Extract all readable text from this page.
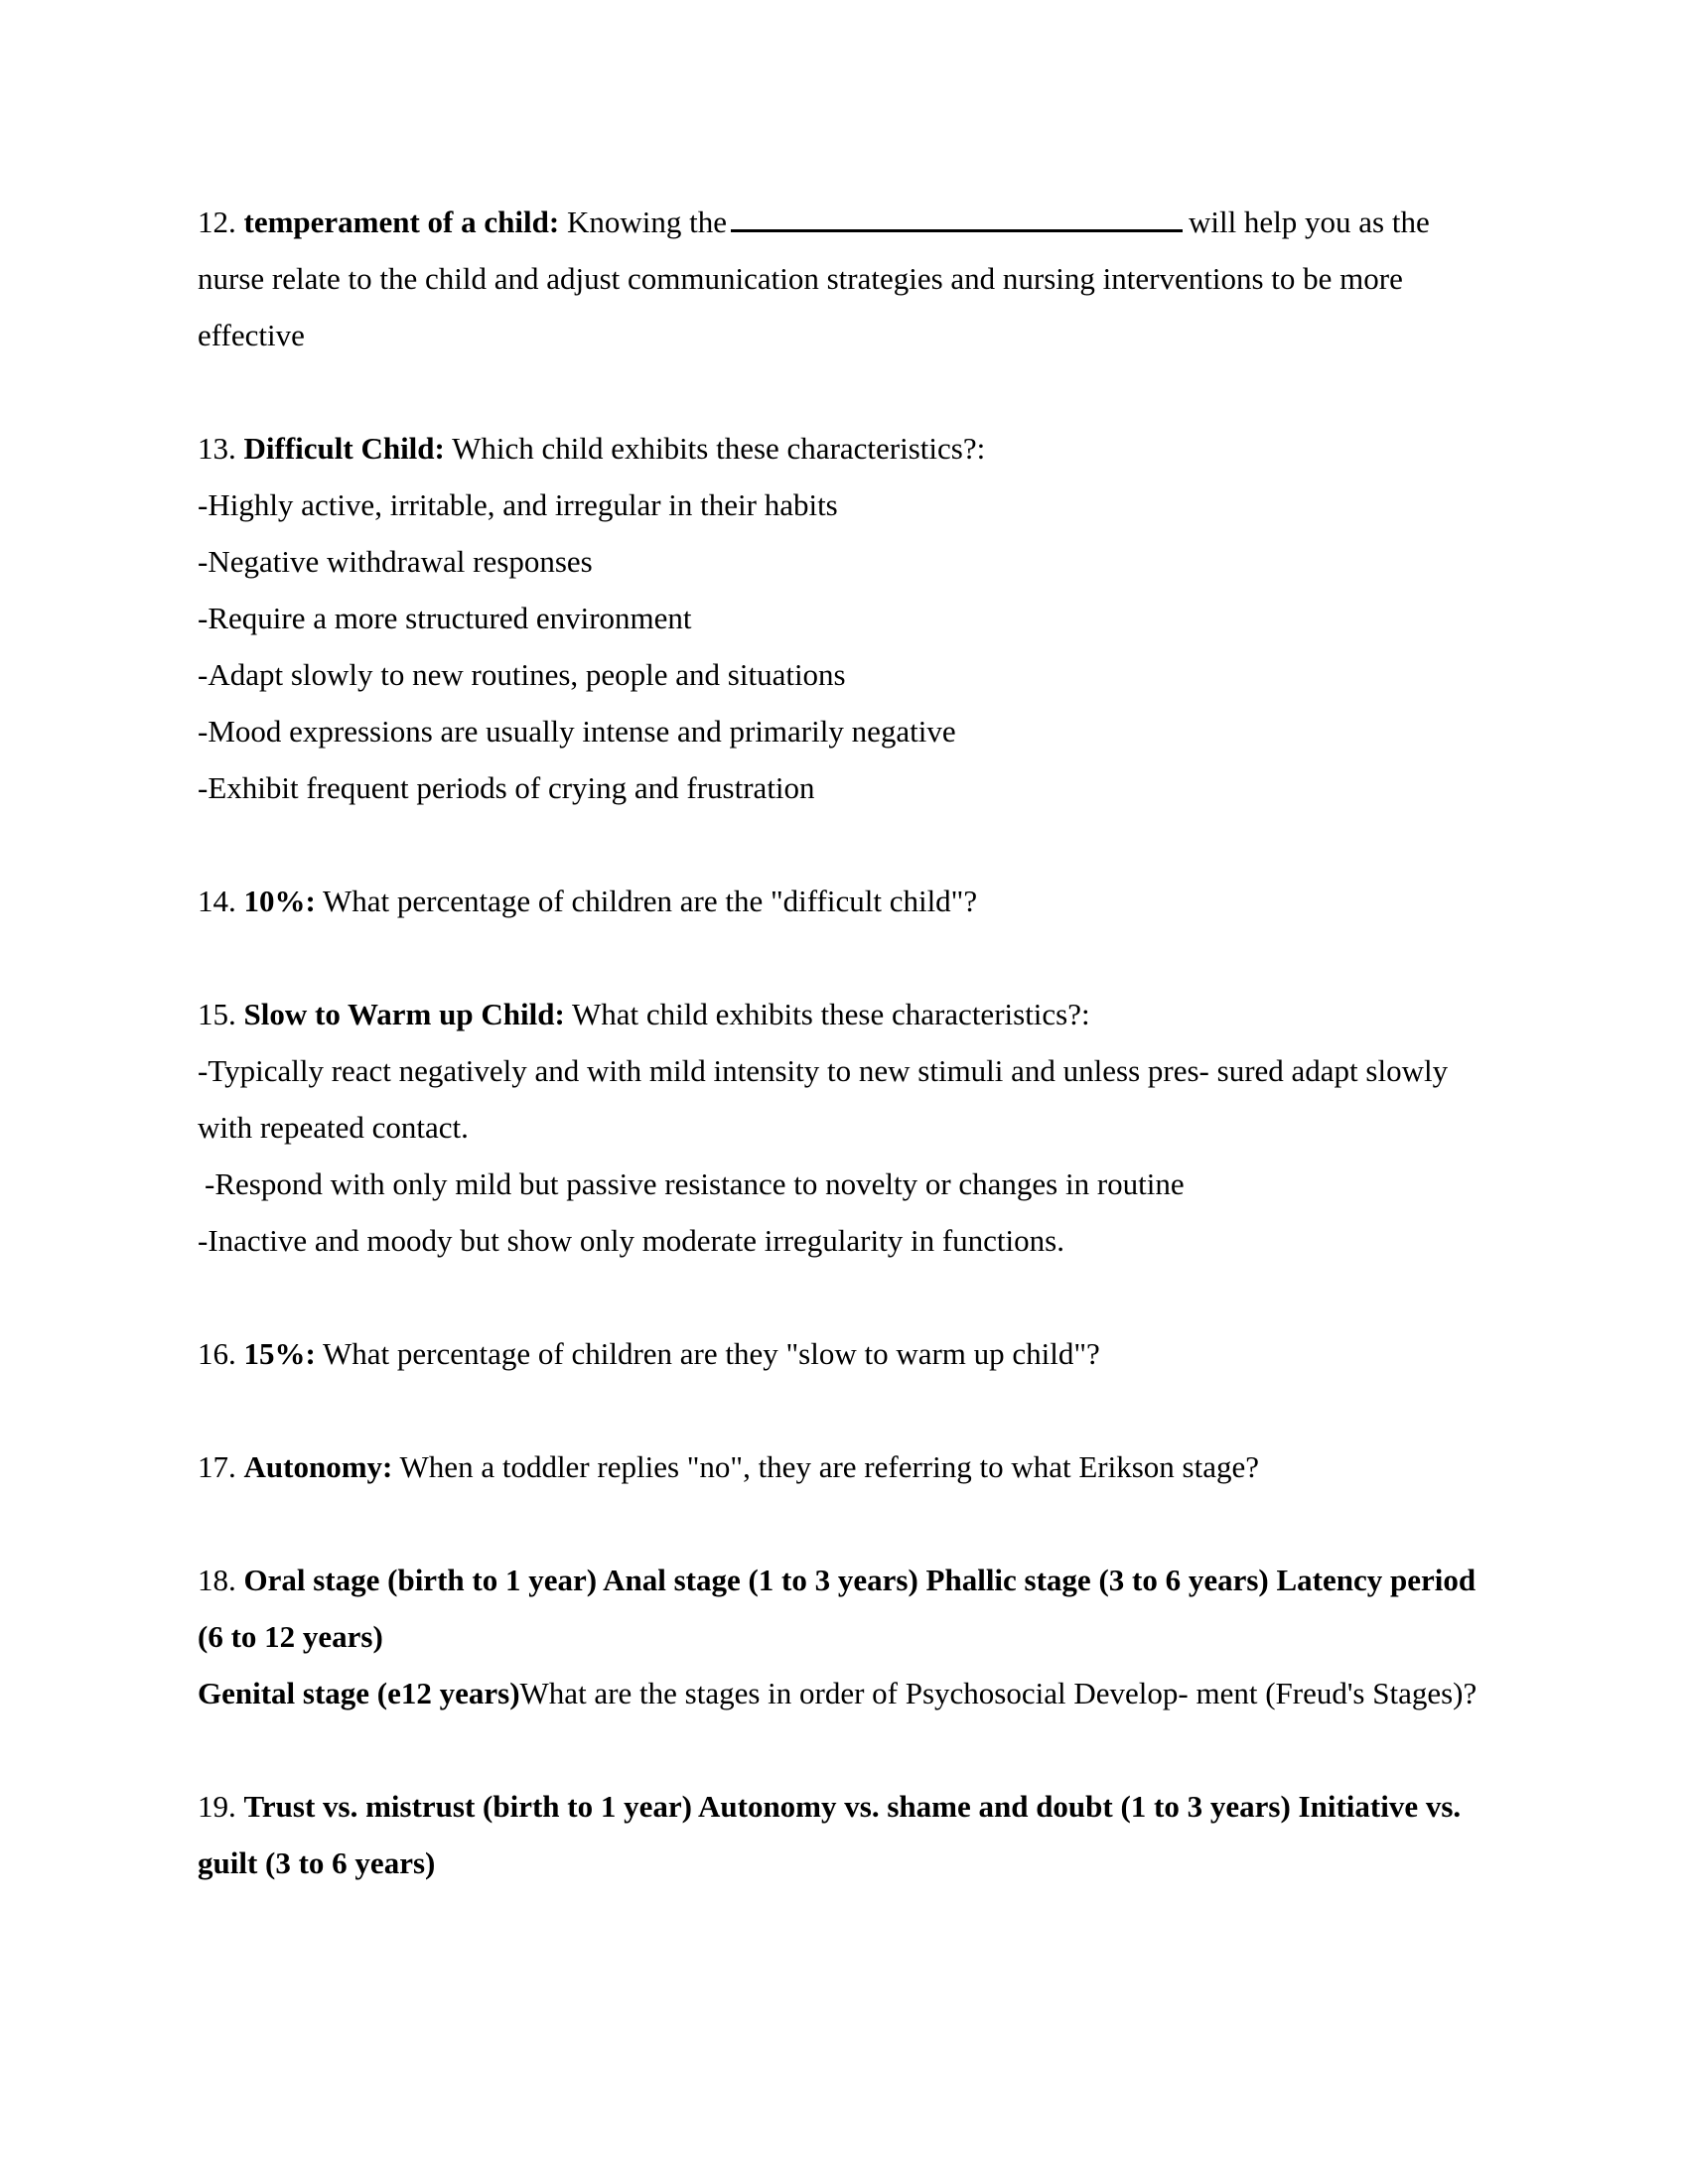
12. temperament of a child: Knowing the	will help you as the nurse relate to the child and adjust communication strategies and nursing interventions to be more effective

13. Difficult Child: Which child exhibits these characteristics?:

-Highly active, irritable, and irregular in their habits

-Negative withdrawal responses

-Require a more structured environment

-Adapt slowly to new routines, people and situations

-Mood expressions are usually intense and primarily negative

-Exhibit frequent periods of crying and frustration

14. 10%: What percentage of children are the "difficult child"?

15. Slow to Warm up Child: What child exhibits these characteristics?:

-Typically react negatively and with mild intensity to new stimuli and unless pres- sured adapt slowly with repeated contact.

-Respond with only mild but passive resistance to novelty or changes in routine

-Inactive and moody but show only moderate irregularity in functions.

16. 15%: What percentage of children are they "slow to warm up child"?

17. Autonomy: When a toddler replies "no", they are referring to what Erikson stage?

18. Oral stage (birth to 1 year) Anal stage (1 to 3 years) Phallic stage (3 to 6 years) Latency period (6 to 12 years)

Genital stage (e12 years)What are the stages in order of Psychosocial Develop- ment (Freud's Stages)?

19. Trust vs. mistrust (birth to 1 year) Autonomy vs. shame and doubt (1 to 3 years) Initiative vs. guilt (3 to 6 years)
